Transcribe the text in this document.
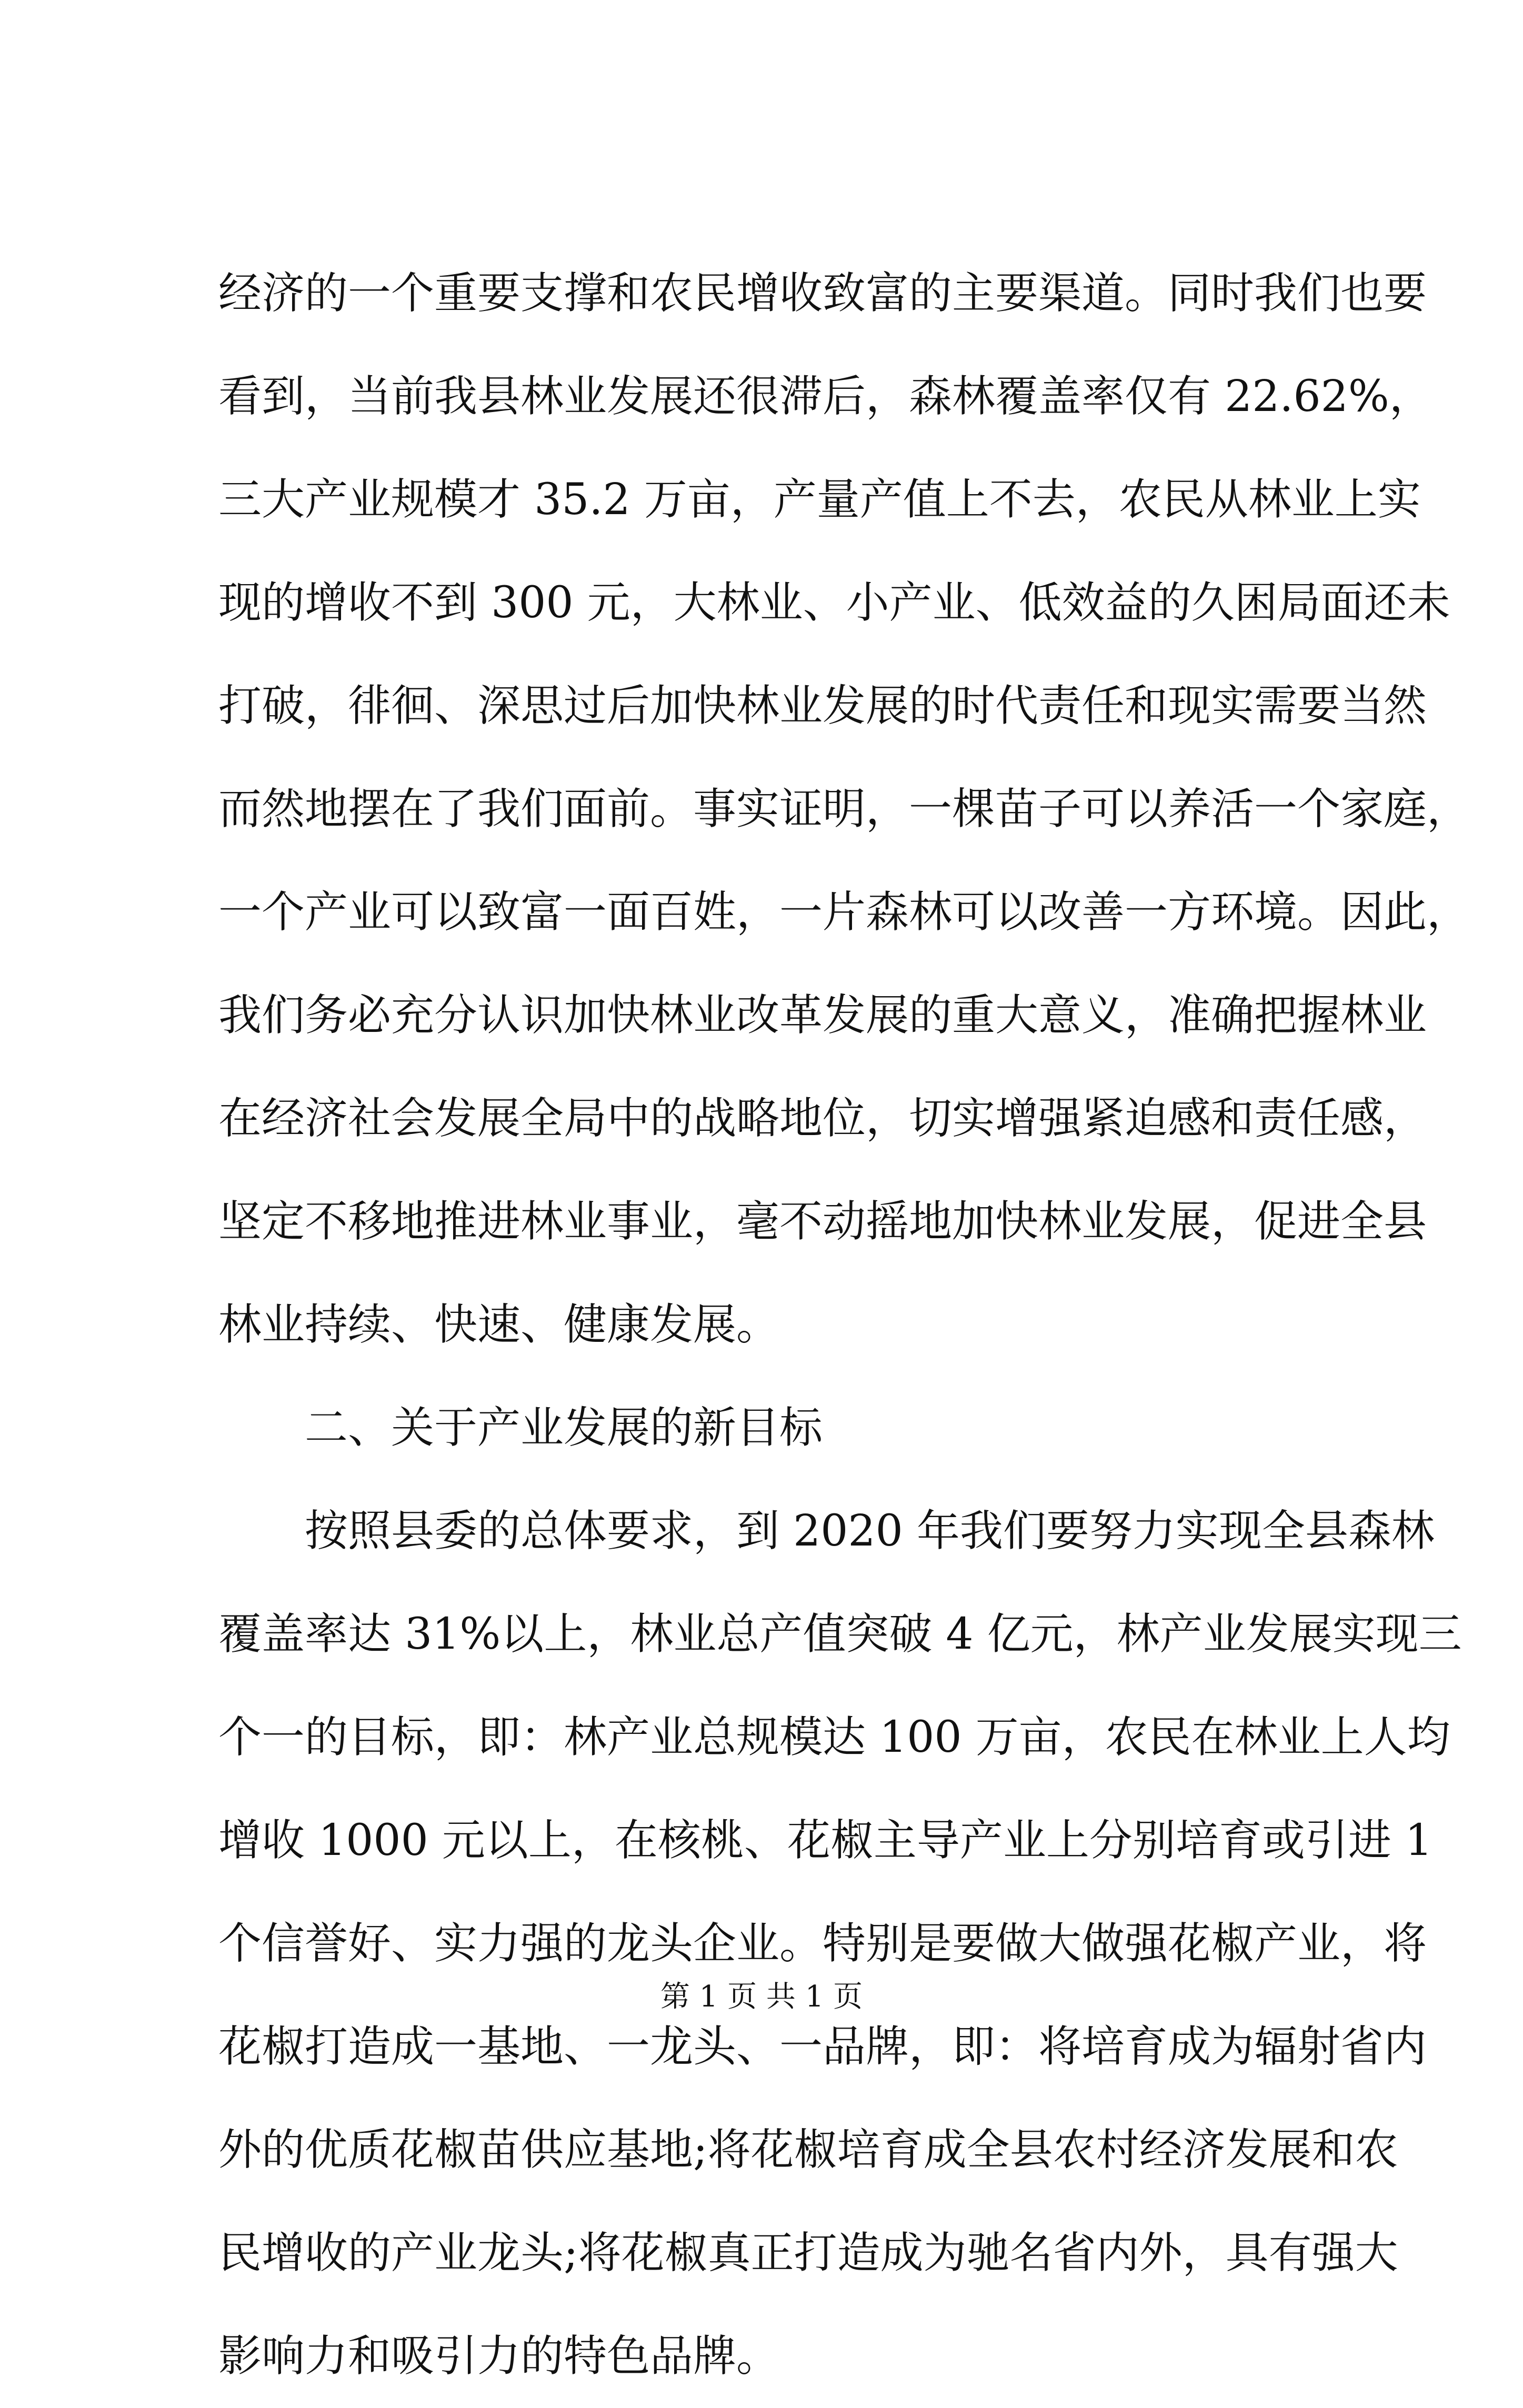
经济的一个重要支撑和农民增收致富的主要渠道。同时我们也要
看到，当前我县林业发展还很滞后，森林覆盖率仅有 22.62%，
三大产业规模才 35.2 万亩，产量产值上不去，农民从林业上实
现的增收不到 300 元，大林业、小产业、低效益的久困局面还未
打破，徘徊、深思过后加快林业发展的时代责任和现实需要当然
而然地摆在了我们面前。事实证明，一棵苗子可以养活一个家庭，
一个产业可以致富一面百姓，一片森林可以改善一方环境。因此，
我们务必充分认识加快林业改革发展的重大意义，准确把握林业
在经济社会发展全局中的战略地位，切实增强紧迫感和责任感，
坚定不移地推进林业事业，毫不动摇地加快林业发展，促进全县
林业持续、快速、健康发展。
二、关于产业发展的新目标
按照县委的总体要求，到 2020 年我们要努力实现全县森林
覆盖率达 31%以上，林业总产值突破 4 亿元，林产业发展实现三
个一的目标，即：林产业总规模达 100 万亩，农民在林业上人均
增收 1000 元以上，在核桃、花椒主导产业上分别培育或引进 1
个信誉好、实力强的龙头企业。特别是要做大做强花椒产业，将
花椒打造成一基地、一龙头、一品牌，即：将培育成为辐射省内
外的优质花椒苗供应基地;将花椒培育成全县农村经济发展和农
民增收的产业龙头;将花椒真正打造成为驰名省内外，具有强大
影响力和吸引力的特色品牌。
第 1 页 共 1 页
